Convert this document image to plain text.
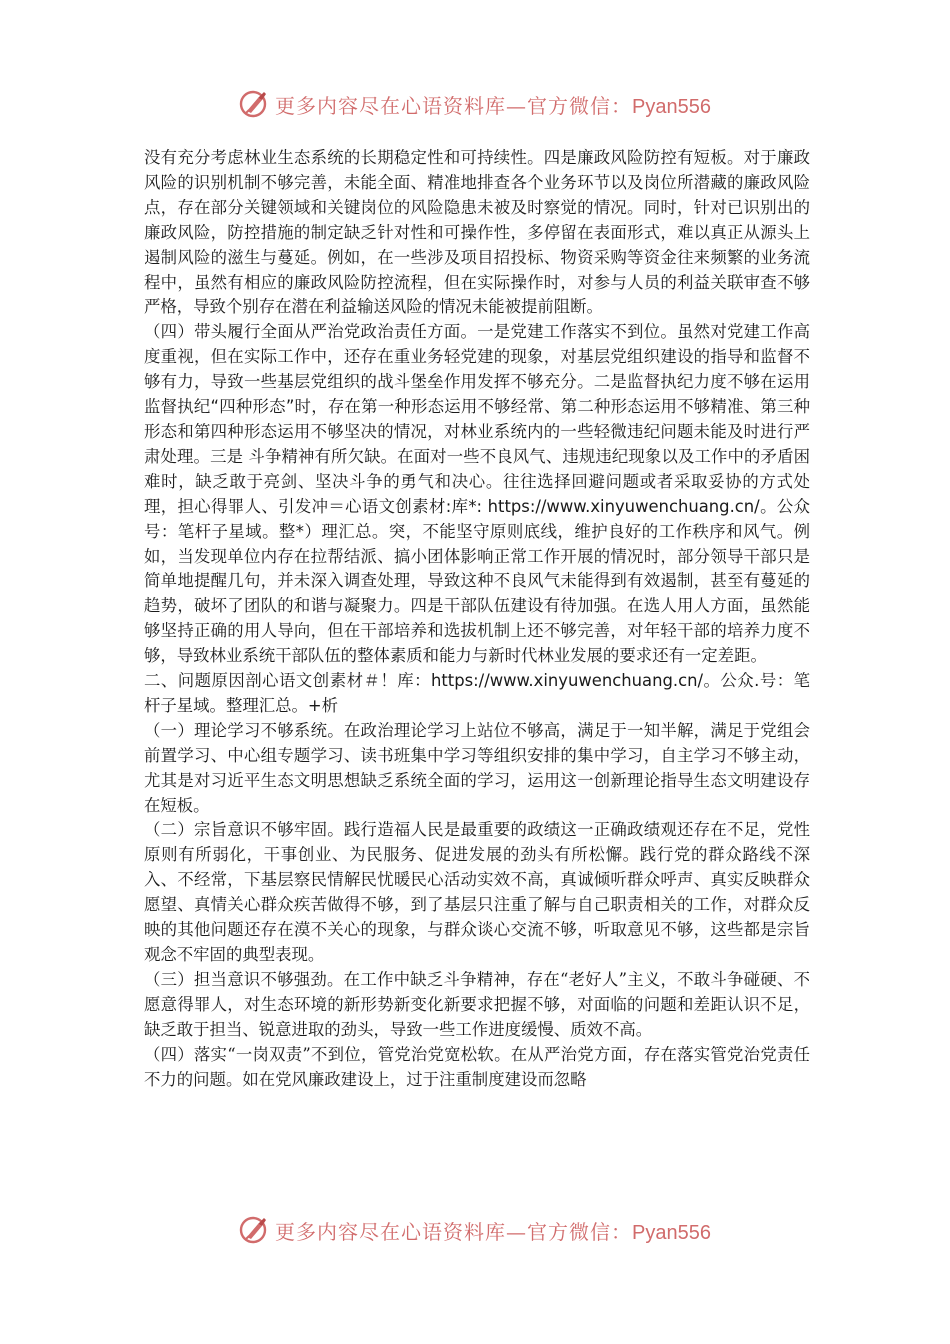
更多内容尽在心语资料库—官方微信：Pyan556

没有充分考虑林业生态系统的长期稳定性和可持续性。四是廉政风险防控有短板。对于廉政风险的识别机制不够完善，未能全面、精准地排查各个业务环节以及岗位所潜藏的廉政风险点，存在部分关键领域和关键岗位的风险隐患未被及时察觉的情况。同时，针对已识别出的廉政风险，防控措施的制定缺乏针对性和可操作性，多停留在表面形式，难以真正从源头上遏制风险的滋生与蔓延。例如，在一些涉及项目招投标、物资采购等资金往来频繁的业务流程中，虽然有相应的廉政风险防控流程，但在实际操作时，对参与人员的利益关联审查不够严格，导致个别存在潜在利益输送风险的情况未能被提前阻断。

（四）带头履行全面从严治党政治责任方面。一是党建工作落实不到位。虽然对党建工作高度重视，但在实际工作中，还存在重业务轻党建的现象，对基层党组织建设的指导和监督不够有力，导致一些基层党组织的战斗堡垒作用发挥不够充分。二是监督执纪力度不够在运用监督执纪“四种形态”时，存在第一种形态运用不够经常、第二种形态运用不够精准、第三种形态和第四种形态运用不够坚决的情况，对林业系统内的一些轻微违纪问题未能及时进行严肃处理。三是 斗争精神有所欠缺。在面对一些不良风气、违规违纪现象以及工作中的矛盾困难时，缺乏敢于亮剑、坚决斗争的勇气和决心。往往选择回避问题或者采取妥协的方式处理，担心得罪人、引发冲＝心语文创素材:库*: https://www.xinyuwenchuang.cn/。公众号：笔杆子星域。整*）理汇总。突，不能坚守原则底线，维护良好的工作秩序和风气。例如，当发现单位内存在拉帮结派、搞小团体影响正常工作开展的情况时，部分领导干部只是简单地提醒几句，并未深入调查处理，导致这种不良风气未能得到有效遏制，甚至有蔓延的趋势，破坏了团队的和谐与凝聚力。四是干部队伍建设有待加强。在选人用人方面，虽然能够坚持正确的用人导向，但在干部培养和选拔机制上还不够完善，对年轻干部的培养力度不够，导致林业系统干部队伍的整体素质和能力与新时代林业发展的要求还有一定差距。

二、问题原因剖心语文创素材＃！库：https://www.xinyuwenchuang.cn/。公众.号：笔杆子星域。整理汇总。+析

（一）理论学习不够系统。在政治理论学习上站位不够高，满足于一知半解，满足于党组会前置学习、中心组专题学习、读书班集中学习等组织安排的集中学习，自主学习不够主动，尤其是对习近平生态文明思想缺乏系统全面的学习，运用这一创新理论指导生态文明建设存在短板。

（二）宗旨意识不够牢固。践行造福人民是最重要的政绩这一正确政绩观还存在不足，党性原则有所弱化，干事创业、为民服务、促进发展的劲头有所松懈。践行党的群众路线不深入、不经常，下基层察民情解民忧暖民心活动实效不高，真诚倾听群众呼声、真实反映群众愿望、真情关心群众疾苦做得不够，到了基层只注重了解与自己职责相关的工作，对群众反映的其他问题还存在漠不关心的现象，与群众谈心交流不够，听取意见不够，这些都是宗旨观念不牢固的典型表现。

（三）担当意识不够强劲。在工作中缺乏斗争精神，存在“老好人”主义，不敢斗争碰硬、不愿意得罪人，对生态环境的新形势新变化新要求把握不够，对面临的问题和差距认识不足，缺乏敢于担当、锐意进取的劲头，导致一些工作进度缓慢、质效不高。

（四）落实“一岗双责”不到位，管党治党宽松软。在从严治党方面，存在落实管党治党责任不力的问题。如在党风廉政建设上，过于注重制度建设而忽略

更多内容尽在心语资料库—官方微信：Pyan556
